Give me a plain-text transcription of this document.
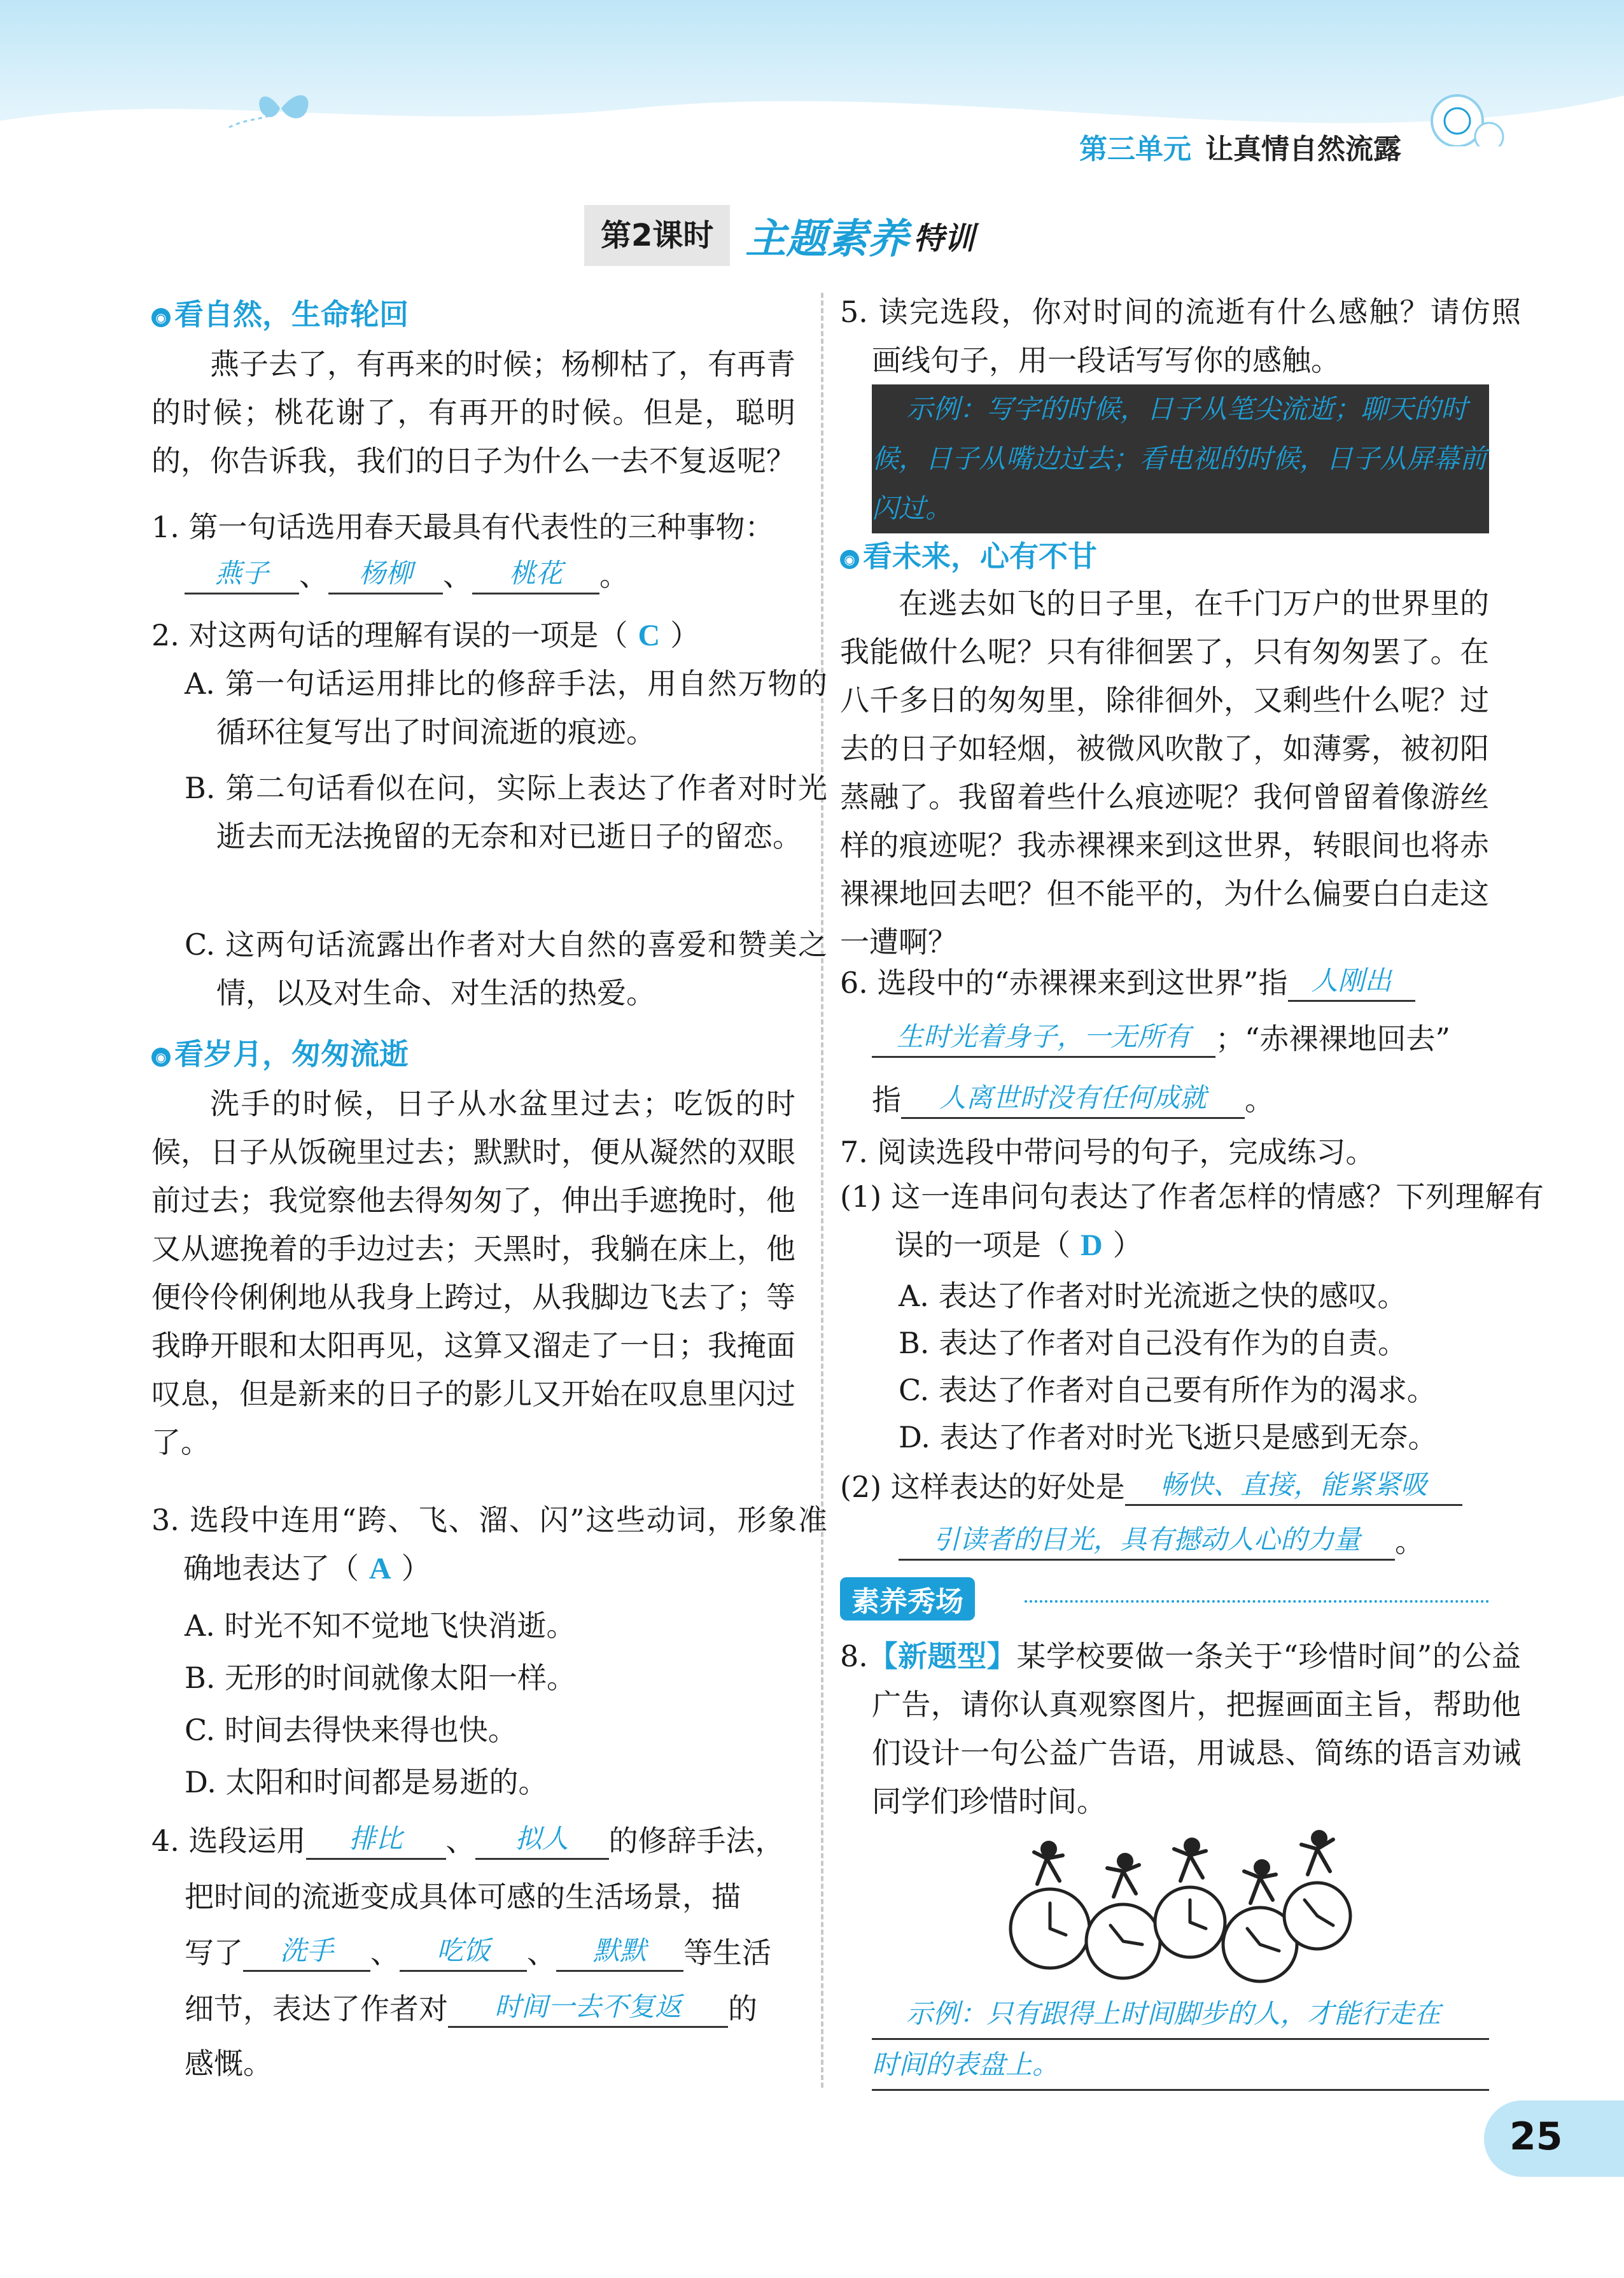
第三单元 让真情自然流露
第2课时 主题素养 特训
◉ 看自然，生命轮回
燕子去了，有再来的时候；杨柳枯了，有再青的时候；桃花谢了，有再开的时候。但是，聪明的，你告诉我，我们的日子为什么一去不复返呢？
1. 第一句话选用春天最具有代表性的三种事物：
燕子 、 杨柳 、 桃花 。
2. 对这两句话的理解有误的一项是（ C ）
A. 第一句话运用排比的修辞手法，用自然万物的循环往复写出了时间流逝的痕迹。
B. 第二句话看似在问，实际上表达了作者对时光逝去而无法挽留的无奈和对已逝日子的留恋。
C. 这两句话流露出作者对大自然的喜爱和赞美之情，以及对生命、对生活的热爱。
◉ 看岁月，匆匆流逝
洗手的时候，日子从水盆里过去；吃饭的时候，日子从饭碗里过去；默默时，便从凝然的双眼前过去；我觉察他去得匆匆了，伸出手遮挽时，他又从遮挽着的手边过去；天黑时，我躺在床上，他便伶伶俐俐地从我身上跨过，从我脚边飞去了；等我睁开眼和太阳再见，这算又溜走了一日；我掩面叹息，但是新来的日子的影儿又开始在叹息里闪过了。
3. 选段中连用“跨、飞、溜、闪”这些动词，形象准确地表达了（ A ）
A. 时光不知不觉地飞快消逝。
B. 无形的时间就像太阳一样。
C. 时间去得快来得也快。
D. 太阳和时间都是易逝的。
4. 选段运用 排比 、 拟人 的修辞手法，
把时间的流逝变成具体可感的生活场景，描
写了 洗手 、 吃饭 、 默默 等生活
细节，表达了作者对 时间一去不复返 的
感慨。
5. 读完选段，你对时间的流逝有什么感触？请仿照画线句子，用一段话写写你的感触。
示例：写字的时候，日子从笔尖流逝；聊天的时候，日子从嘴边过去；看电视的时候，日子从屏幕前闪过。
◉ 看未来，心有不甘
在逃去如飞的日子里，在千门万户的世界里的我能做什么呢？只有徘徊罢了，只有匆匆罢了。在八千多日的匆匆里，除徘徊外，又剩些什么呢？过去的日子如轻烟，被微风吹散了，如薄雾，被初阳蒸融了。我留着些什么痕迹呢？我何曾留着像游丝样的痕迹呢？我赤裸裸来到这世界，转眼间也将赤裸裸地回去吧？但不能平的，为什么偏要白白走这一遭啊？
6. 选段中的“赤裸裸来到这世界”指 人刚出
生时光着身子，一无所有 ；“赤裸裸地回去”
指 人离世时没有任何成就 。
7. 阅读选段中带问号的句子，完成练习。
(1) 这一连串问句表达了作者怎样的情感？下列理解有误的一项是（ D ）
A. 表达了作者对时光流逝之快的感叹。
B. 表达了作者对自己没有作为的自责。
C. 表达了作者对自己要有所作为的渴求。
D. 表达了作者对时光飞逝只是感到无奈。
(2) 这样表达的好处是 畅快、直接，能紧紧吸
引读者的目光，具有撼动人心的力量 。
素养秀场
8.【新题型】某学校要做一条关于“珍惜时间”的公益广告，请你认真观察图片，把握画面主旨，帮助他们设计一句公益广告语，用诚恳、简练的语言劝诫同学们珍惜时间。
示例：只有跟得上时间脚步的人，才能行走在
时间的表盘上。
25
